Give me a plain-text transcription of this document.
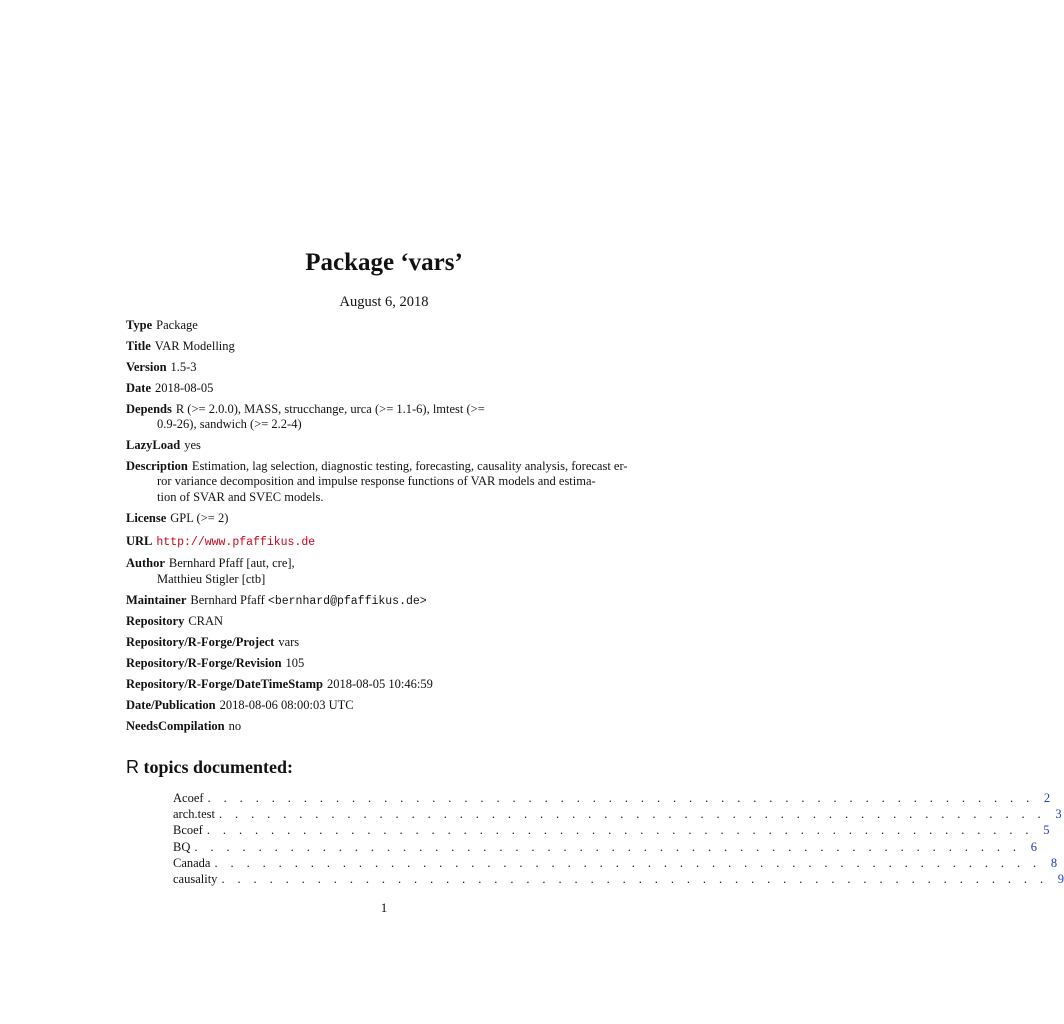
Package ‘vars’
August 6, 2018
Type Package
Title VAR Modelling
Version 1.5-3
Date 2018-08-05
Depends R (>= 2.0.0), MASS, strucchange, urca (>= 1.1-6), lmtest (>=
0.9-26), sandwich (>= 2.2-4)
LazyLoad yes
Description Estimation, lag selection, diagnostic testing, forecasting, causality analysis, forecast er-
ror variance decomposition and impulse response functions of VAR models and estima-
tion of SVAR and SVEC models.
License GPL (>= 2)
URL http://www.pfaffikus.de
Author Bernhard Pfaff [aut, cre],
Matthieu Stigler [ctb]
Maintainer Bernhard Pfaff <bernhard@pfaffikus.de>
Repository CRAN
Repository/R-Forge/Project vars
Repository/R-Forge/Revision 105
Repository/R-Forge/DateTimeStamp 2018-08-05 10:46:59
Date/Publication 2018-08-06 08:00:03 UTC
NeedsCompilation no
R topics documented:
Acoef . . . . . . . . . . . . . . . . . . . . . . . . . . . . . . . . . . . . . . . . . . . . . . . . . . . . 2
arch.test . . . . . . . . . . . . . . . . . . . . . . . . . . . . . . . . . . . . . . . . . . . . . . . . . . . . 3
Bcoef . . . . . . . . . . . . . . . . . . . . . . . . . . . . . . . . . . . . . . . . . . . . . . . . . . . . 5
BQ . . . . . . . . . . . . . . . . . . . . . . . . . . . . . . . . . . . . . . . . . . . . . . . . . . . . 6
Canada . . . . . . . . . . . . . . . . . . . . . . . . . . . . . . . . . . . . . . . . . . . . . . . . . . . . 8
causality . . . . . . . . . . . . . . . . . . . . . . . . . . . . . . . . . . . . . . . . . . . . . . . . . . . . 9
1
